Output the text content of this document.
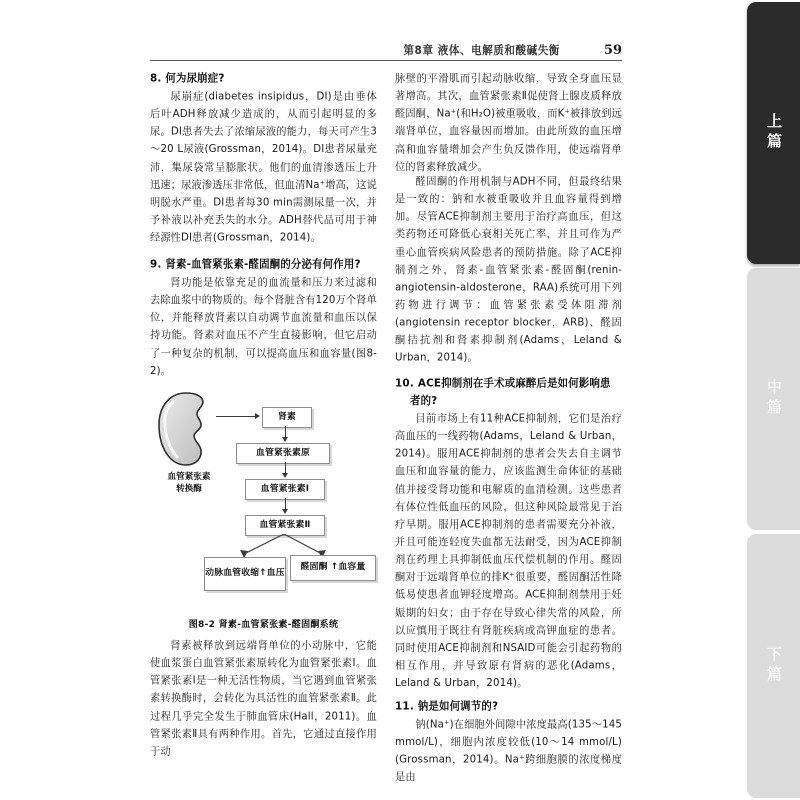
第8章 液体、电解质和酸碱失衡	59
8. 何为尿崩症?

尿崩症(diabetes insipidus，DI)是由垂体后叶ADH释放减少造成的，从而引起明显的多尿。DI患者失去了浓缩尿液的能力，每天可产生3～20 L尿液(Grossman，2014)。DI患者尿量充沛，集尿袋常呈膨胀状。他们的血清渗透压上升迅速；尿液渗透压非常低，但血清Na⁺增高，这说明脱水严重。DI患者每30 min需测尿量一次，并予补液以补充丢失的水分。ADH替代品可用于神经源性DI患者(Grossman，2014)。

9. 肾素-血管紧张素-醛固酮的分泌有何作用?

肾功能是依靠充足的血流量和压力来过滤和去除血浆中的物质的。每个肾脏含有120万个肾单位，并能释放肾素以自动调节血流量和血压以保持功能。肾素对血压不产生直接影响，但它启动了一种复杂的机制，可以提高血压和血容量(图8-2)。

血管紧张素
转换酶
肾素
血管紧张素原
血管紧张素Ⅰ
血管紧张素Ⅱ
动脉血管收缩 ↑血压
醛固酮 ↑血容量
图8-2 肾素-血管紧张素-醛固酮系统

肾素被释放到远端肾单位的小动脉中，它能使血浆蛋白血管紧张素原转化为血管紧张素Ⅰ。血管紧张素Ⅰ是一种无活性物质，当它遇到血管紧张素转换酶时，会转化为具活性的血管紧张素Ⅱ。此过程几乎完全发生于肺血管床(Hall，2011)。血管紧张素Ⅱ具有两种作用。首先，它通过直接作用于动

脉壁的平滑肌而引起动脉收缩，导致全身血压显著增高。其次，血管紧张素Ⅱ促使肾上腺皮质释放醛固酮，Na⁺(和H₂O)被重吸收，而K⁺被排放到远端肾单位，血容量因而增加。由此所致的血压增高和血容量增加会产生负反馈作用，使远端肾单位的肾素释放减少。

醛固酮的作用机制与ADH不同，但最终结果是一致的：钠和水被重吸收并且血容量得到增加。尽管ACE抑制剂主要用于治疗高血压，但这类药物还可降低心衰相关死亡率，并且可作为严重心血管疾病风险患者的预防措施。除了ACE抑制剂之外，肾素-血管紧张素-醛固酮(renin-angiotensin-aldosterone，RAA)系统可用下列药物进行调节：血管紧张素受体阻滞剂(angiotensin receptor blocker，ARB)、醛固酮拮抗剂和肾素抑制剂(Adams，Leland & Urban，2014)。

10. ACE抑制剂在手术或麻醉后是如何影响患
者的?

目前市场上有11种ACE抑制剂，它们是治疗高血压的一线药物(Adams，Leland & Urban，2014)。服用ACE抑制剂的患者会失去自主调节血压和血容量的能力，应该监测生命体征的基础值并接受肾功能和电解质的血清检测。这些患者有体位性低血压的风险，但这种风险最常见于治疗早期。服用ACE抑制剂的患者需要充分补液，并且可能连轻度失血都无法耐受，因为ACE抑制剂在药理上具抑制低血压代偿机制的作用。醛固酮对于远端肾单位的排K⁺很重要，醛固酮活性降低易使患者血钾轻度增高。ACE抑制剂禁用于妊娠期的妇女；由于存在导致心律失常的风险，所以应慎用于既往有肾脏疾病或高钾血症的患者。同时使用ACE抑制剂和NSAID可能会引起药物的相互作用，并导致原有肾病的恶化(Adams，Leland & Urban，2014)。

11. 钠是如何调节的?

钠(Na⁺)在细胞外间隙中浓度最高(135～145 mmol/L)，细胞内浓度较低(10～14 mmol/L)(Grossman，2014)。Na⁺跨细胞膜的浓度梯度是由

上篇
中篇
下篇
